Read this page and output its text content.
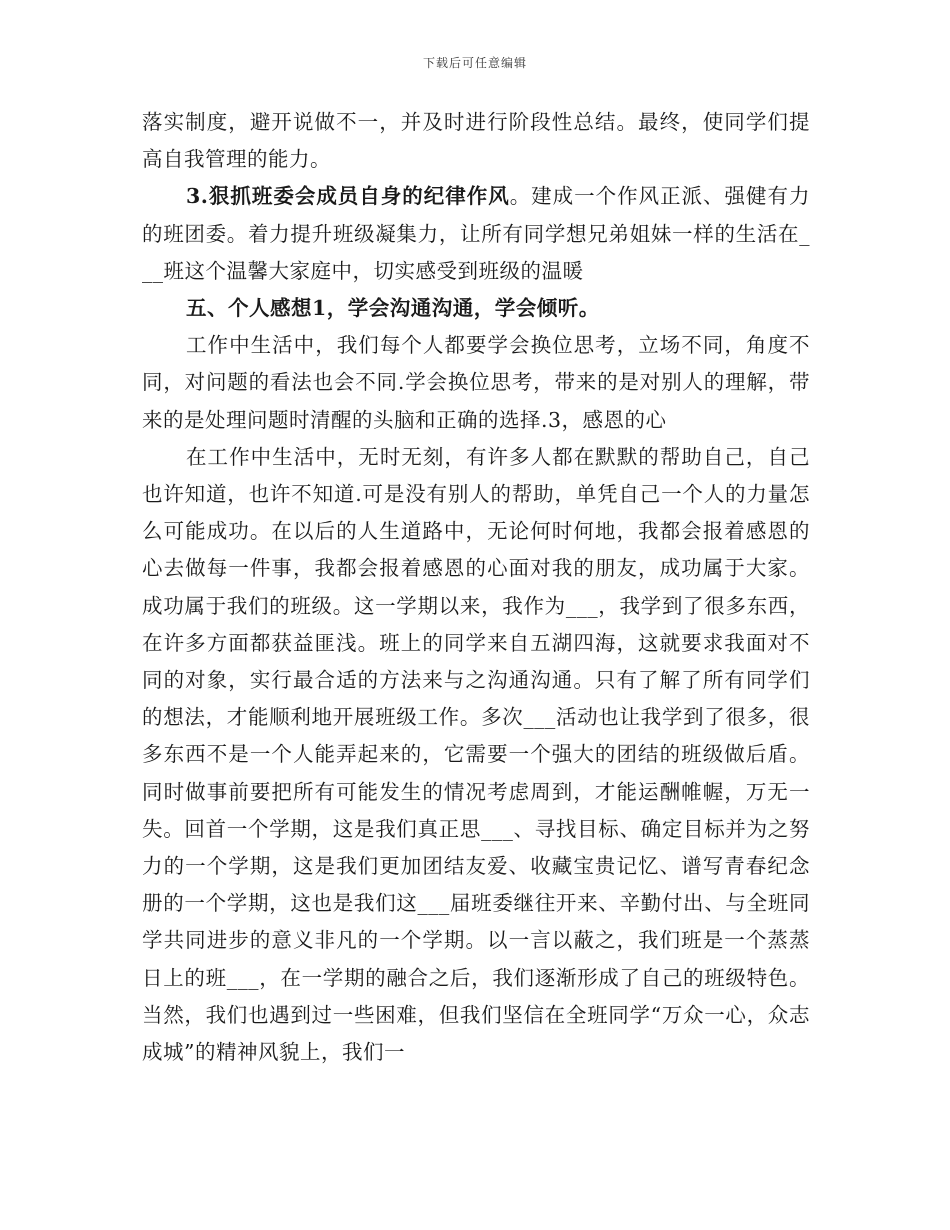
下载后可任意编辑

落实制度，避开说做不一，并及时进行阶段性总结。最终，使同学们提高自我管理的能力。

3.狠抓班委会成员自身的纪律作风。建成一个作风正派、强健有力的班团委。着力提升班级凝集力，让所有同学想兄弟姐妹一样的生活在___班这个温馨大家庭中，切实感受到班级的温暖

五、个人感想1，学会沟通沟通，学会倾听。

工作中生活中，我们每个人都要学会换位思考，立场不同，角度不同，对问题的看法也会不同.学会换位思考，带来的是对别人的理解，带来的是处理问题时清醒的头脑和正确的选择.3，感恩的心

在工作中生活中，无时无刻，有许多人都在默默的帮助自己，自己也许知道，也许不知道.可是没有别人的帮助，单凭自己一个人的力量怎么可能成功。在以后的人生道路中，无论何时何地，我都会报着感恩的心去做每一件事，我都会报着感恩的心面对我的朋友，成功属于大家。成功属于我们的班级。这一学期以来，我作为___，我学到了很多东西，在许多方面都获益匪浅。班上的同学来自五湖四海，这就要求我面对不同的对象，实行最合适的方法来与之沟通沟通。只有了解了所有同学们的想法，才能顺利地开展班级工作。多次___活动也让我学到了很多，很多东西不是一个人能弄起来的，它需要一个强大的团结的班级做后盾。同时做事前要把所有可能发生的情况考虑周到，才能运酬帷幄，万无一失。回首一个学期，这是我们真正思___、寻找目标、确定目标并为之努力的一个学期，这是我们更加团结友爱、收藏宝贵记忆、谱写青春纪念册的一个学期，这也是我们这___届班委继往开来、辛勤付出、与全班同学共同进步的意义非凡的一个学期。以一言以蔽之，我们班是一个蒸蒸日上的班___，在一学期的融合之后，我们逐渐形成了自己的班级特色。当然，我们也遇到过一些困难，但我们坚信在全班同学“万众一心，众志成城”的精神风貌上，我们一
